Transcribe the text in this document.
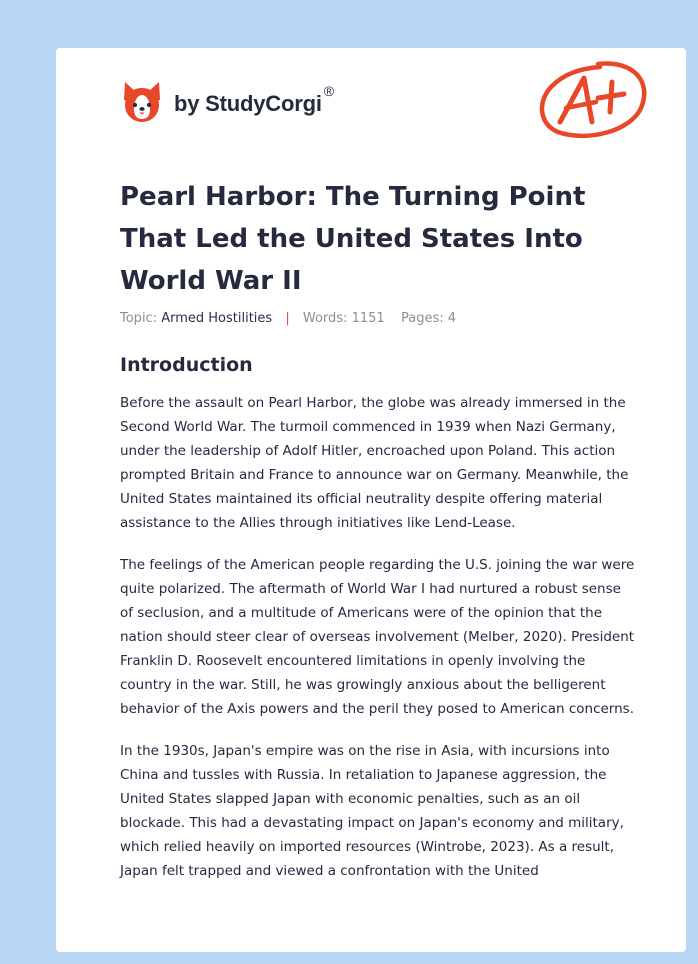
by StudyCorgi ®
Pearl Harbor: The Turning Point That Led the United States Into World War II
Topic: Armed Hostilities | Words: 1151 Pages: 4
Introduction

Before the assault on Pearl Harbor, the globe was already immersed in the Second World War. The turmoil commenced in 1939 when Nazi Germany, under the leadership of Adolf Hitler, encroached upon Poland. This action prompted Britain and France to announce war on Germany. Meanwhile, the United States maintained its official neutrality despite offering material assistance to the Allies through initiatives like Lend-Lease.

The feelings of the American people regarding the U.S. joining the war were quite polarized. The aftermath of World War I had nurtured a robust sense of seclusion, and a multitude of Americans were of the opinion that the nation should steer clear of overseas involvement (Melber, 2020). President Franklin D. Roosevelt encountered limitations in openly involving the country in the war. Still, he was growingly anxious about the belligerent behavior of the Axis powers and the peril they posed to American concerns.

In the 1930s, Japan's empire was on the rise in Asia, with incursions into China and tussles with Russia. In retaliation to Japanese aggression, the United States slapped Japan with economic penalties, such as an oil blockade. This had a devastating impact on Japan's economy and military, which relied heavily on imported resources (Wintrobe, 2023). As a result, Japan felt trapped and viewed a confrontation with the United
